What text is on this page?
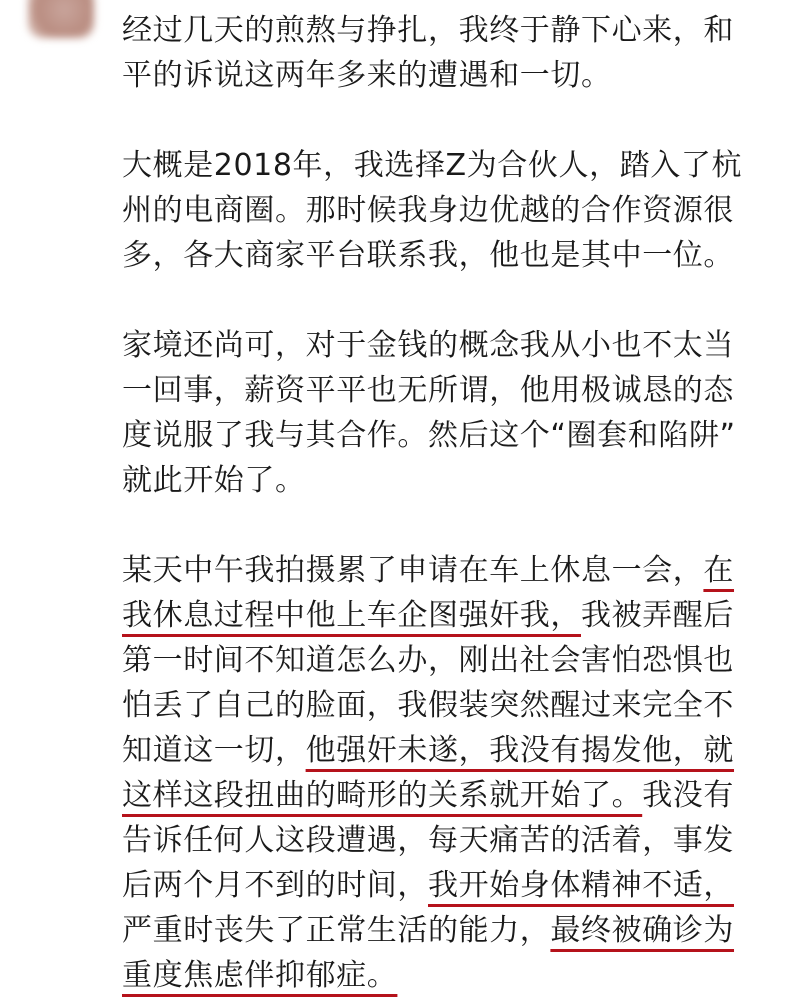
经过几天的煎熬与挣扎，我终于静下心来，和
平的诉说这两年多来的遭遇和一切。
大概是2018年，我选择Z为合伙人，踏入了杭
州的电商圈。那时候我身边优越的合作资源很
多，各大商家平台联系我，他也是其中一位。
家境还尚可，对于金钱的概念我从小也不太当
一回事，薪资平平也无所谓，他用极诚恳的态
度说服了我与其合作。然后这个“圈套和陷阱”
就此开始了。
某天中午我拍摄累了申请在车上休息一会，在
我休息过程中他上车企图强奸我，我被弄醒后
第一时间不知道怎么办，刚出社会害怕恐惧也
怕丢了自己的脸面，我假装突然醒过来完全不
知道这一切，他强奸未遂，我没有揭发他，就
这样这段扭曲的畸形的关系就开始了。我没有
告诉任何人这段遭遇，每天痛苦的活着，事发
后两个月不到的时间，我开始身体精神不适，
严重时丧失了正常生活的能力，最终被确诊为
重度焦虑伴抑郁症。
